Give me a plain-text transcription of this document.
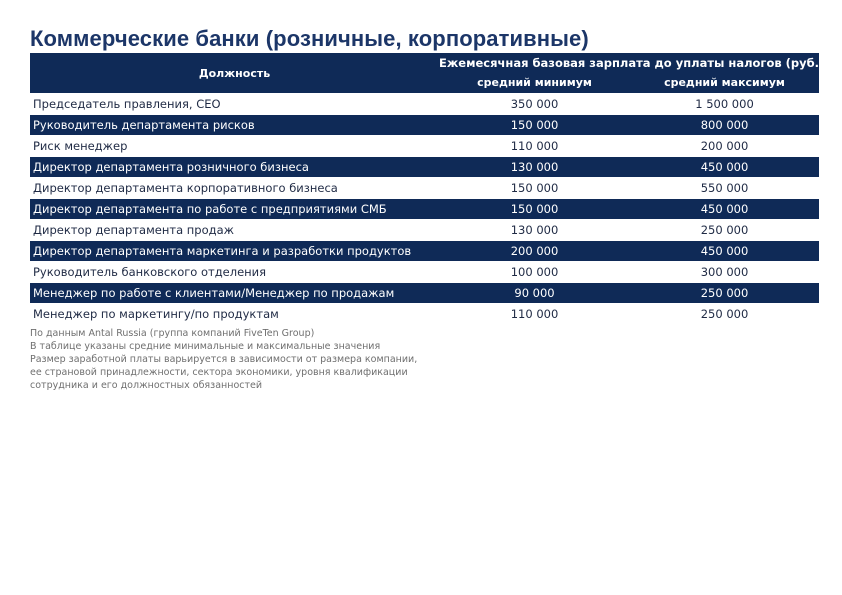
Коммерческие банки (розничные, корпоративные)
Должность	Ежемесячная базовая зарплата до уплаты налогов (руб.)	
	средний минимум	средний максимум
Председатель правления, CEO	350 000	1 500 000
Руководитель департамента рисков	150 000	800 000
Риск менеджер	110 000	200 000
Директор департамента розничного бизнеса	130 000	450 000
Директор департамента корпоративного бизнеса	150 000	550 000
Директор департамента по работе с предприятиями СМБ	150 000	450 000
Директор департамента продаж	130 000	250 000
Директор департамента маркетинга и разработки продуктов	200 000	450 000
Руководитель банковского отделения	100 000	300 000
Менеджер по работе с клиентами/Менеджер по продажам	90 000	250 000
Менеджер по маркетингу/по продуктам	110 000	250 000
По данным Antal Russia (группа компаний FiveTen Group)
В таблице указаны средние минимальные и максимальные значения
Размер заработной платы варьируется в зависимости от размера компании,
ее страновой принадлежности, сектора экономики, уровня квалификации
сотрудника и его должностных обязанностей
